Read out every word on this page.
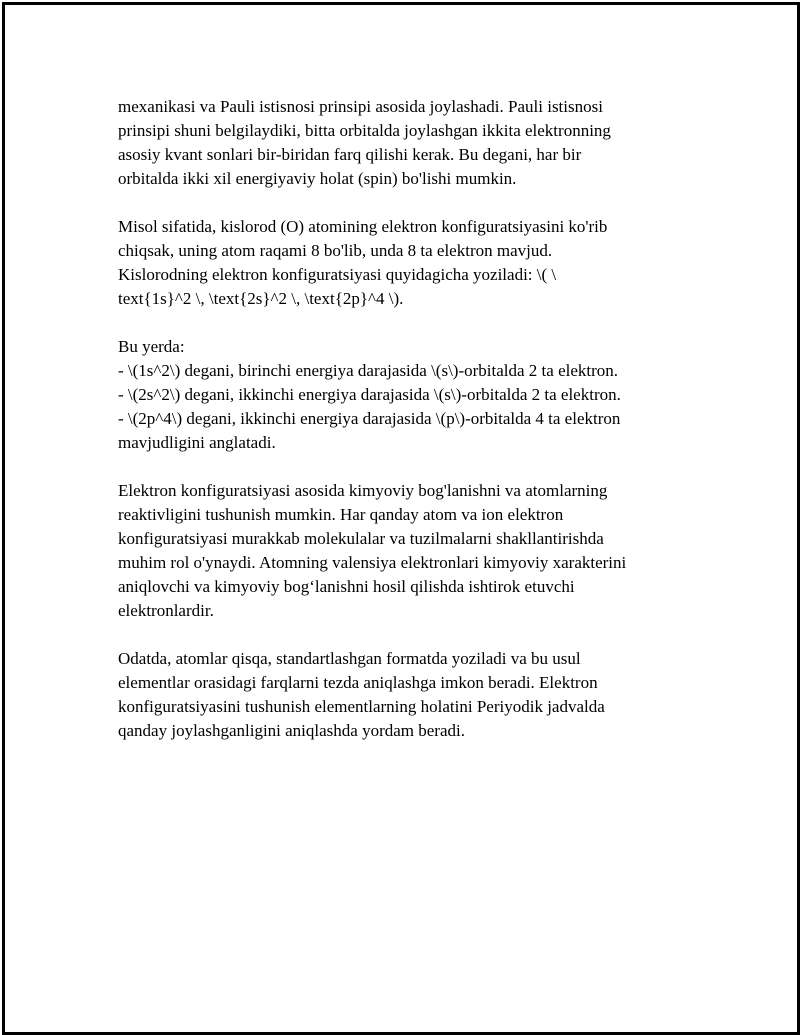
mexanikasi va Pauli istisnosi prinsipi asosida joylashadi. Pauli istisnosi
prinsipi shuni belgilaydiki, bitta orbitalda joylashgan ikkita elektronning
asosiy kvant sonlari bir-biridan farq qilishi kerak. Bu degani, har bir
orbitalda ikki xil energiyaviy holat (spin) bo'lishi mumkin.

Misol sifatida, kislorod (O) atomining elektron konfiguratsiyasini ko'rib
chiqsak, uning atom raqami 8 bo'lib, unda 8 ta elektron mavjud.
Kislorodning elektron konfiguratsiyasi quyidagicha yoziladi: \( \
text{1s}^2 \, \text{2s}^2 \, \text{2p}^4 \).

Bu yerda:
- \(1s^2\) degani, birinchi energiya darajasida \(s\)-orbitalda 2 ta elektron.
- \(2s^2\) degani, ikkinchi energiya darajasida \(s\)-orbitalda 2 ta elektron.
- \(2p^4\) degani, ikkinchi energiya darajasida \(p\)-orbitalda 4 ta elektron
mavjudligini anglatadi.

Elektron konfiguratsiyasi asosida kimyoviy bog'lanishni va atomlarning
reaktivligini tushunish mumkin. Har qanday atom va ion elektron
konfiguratsiyasi murakkab molekulalar va tuzilmalarni shakllantirishda
muhim rol o'ynaydi. Atomning valensiya elektronlari kimyoviy xarakterini
aniqlovchi va kimyoviy bog‘lanishni hosil qilishda ishtirok etuvchi
elektronlardir.

Odatda, atomlar qisqa, standartlashgan formatda yoziladi va bu usul
elementlar orasidagi farqlarni tezda aniqlashga imkon beradi. Elektron
konfiguratsiyasini tushunish elementlarning holatini Periyodik jadvalda
qanday joylashganligini aniqlashda yordam beradi.
